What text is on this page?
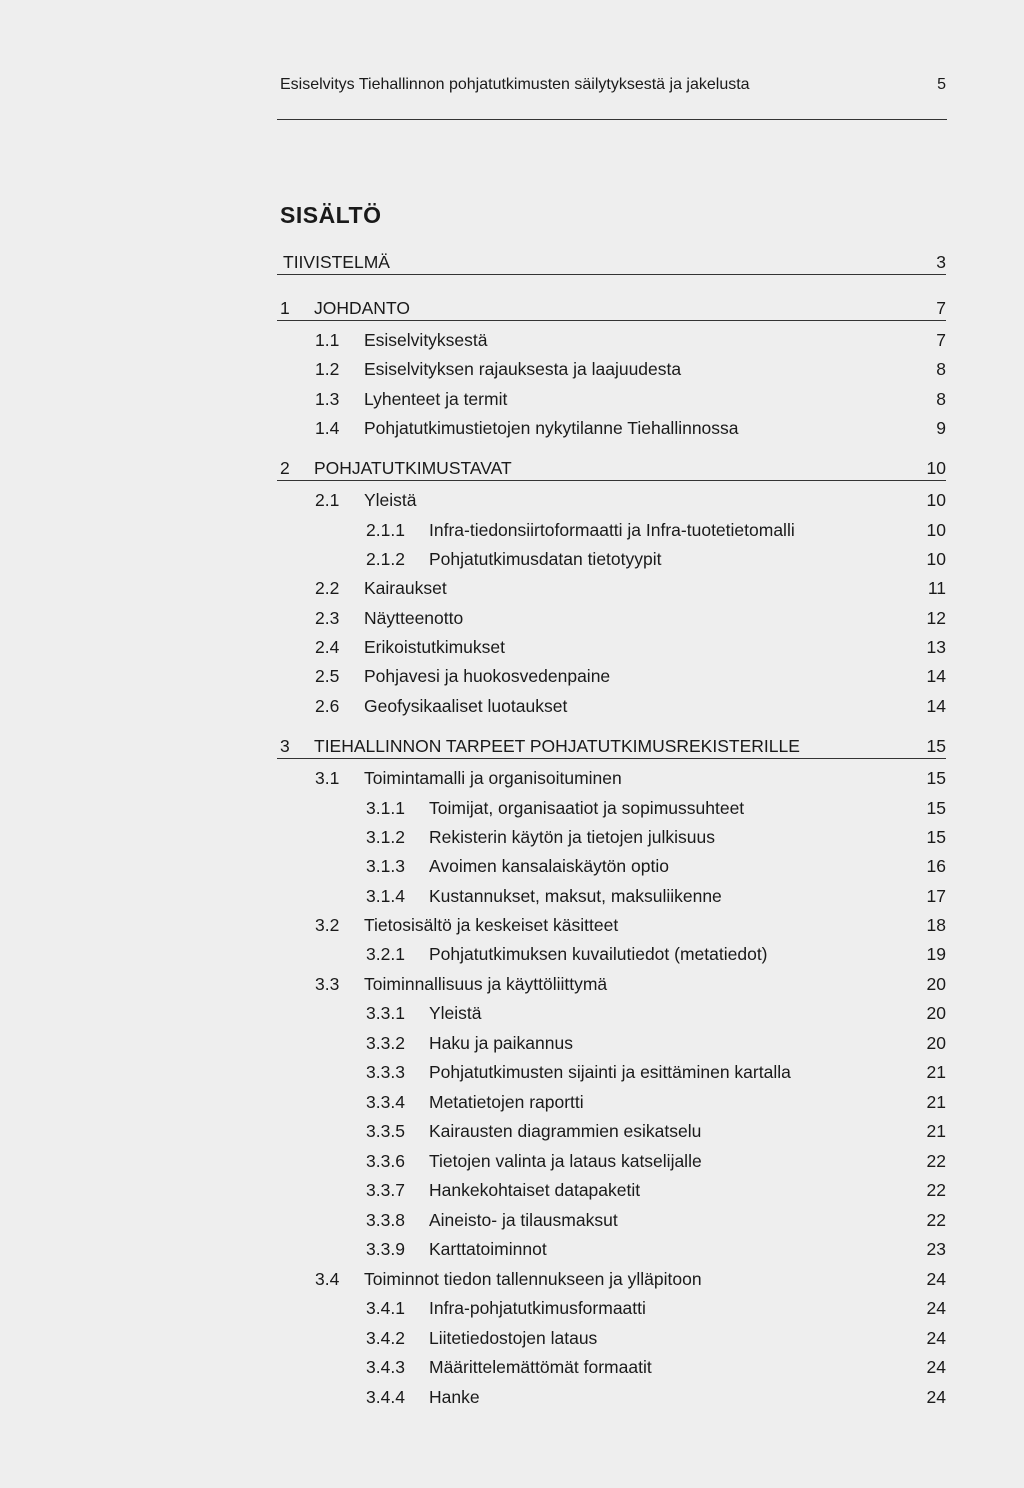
Esiselvitys Tiehallinnon pohjatutkimusten säilytyksestä ja jakelusta	5
SISÄLTÖ
TIIVISTELMÄ	3
1	JOHDANTO	7
1.1	Esiselvityksestä	7
1.2	Esiselvityksen rajauksesta ja laajuudesta	8
1.3	Lyhenteet ja termit	8
1.4	Pohjatutkimustietojen nykytilanne Tiehallinnossa	9
2	POHJATUTKIMUSTAVAT	10
2.1	Yleistä	10
2.1.1	Infra-tiedonsiirtoformaatti ja Infra-tuotetietomalli	10
2.1.2	Pohjatutkimusdatan tietotyypit	10
2.2	Kairaukset	11
2.3	Näytteenotto	12
2.4	Erikoistutkimukset	13
2.5	Pohjavesi ja huokosvedenpaine	14
2.6	Geofysikaaliset luotaukset	14
3	TIEHALLINNON TARPEET POHJATUTKIMUSREKISTERILLE	15
3.1	Toimintamalli ja organisoituminen	15
3.1.1	Toimijat, organisaatiot ja sopimussuhteet	15
3.1.2	Rekisterin käytön ja tietojen julkisuus	15
3.1.3	Avoimen kansalaiskäytön optio	16
3.1.4	Kustannukset, maksut, maksuliikenne	17
3.2	Tietosisältö ja keskeiset käsitteet	18
3.2.1	Pohjatutkimuksen kuvailutiedot (metatiedot)	19
3.3	Toiminnallisuus ja käyttöliittymä	20
3.3.1	Yleistä	20
3.3.2	Haku ja paikannus	20
3.3.3	Pohjatutkimusten sijainti ja esittäminen kartalla	21
3.3.4	Metatietojen raportti	21
3.3.5	Kairausten diagrammien esikatselu	21
3.3.6	Tietojen valinta ja lataus katselijalle	22
3.3.7	Hankekohtaiset datapaketit	22
3.3.8	Aineisto- ja tilausmaksut	22
3.3.9	Karttatoiminnot	23
3.4	Toiminnot tiedon tallennukseen ja ylläpitoon	24
3.4.1	Infra-pohjatutkimusformaatti	24
3.4.2	Liitetiedostojen lataus	24
3.4.3	Määrittelemättömät formaatit	24
3.4.4	Hanke	24
